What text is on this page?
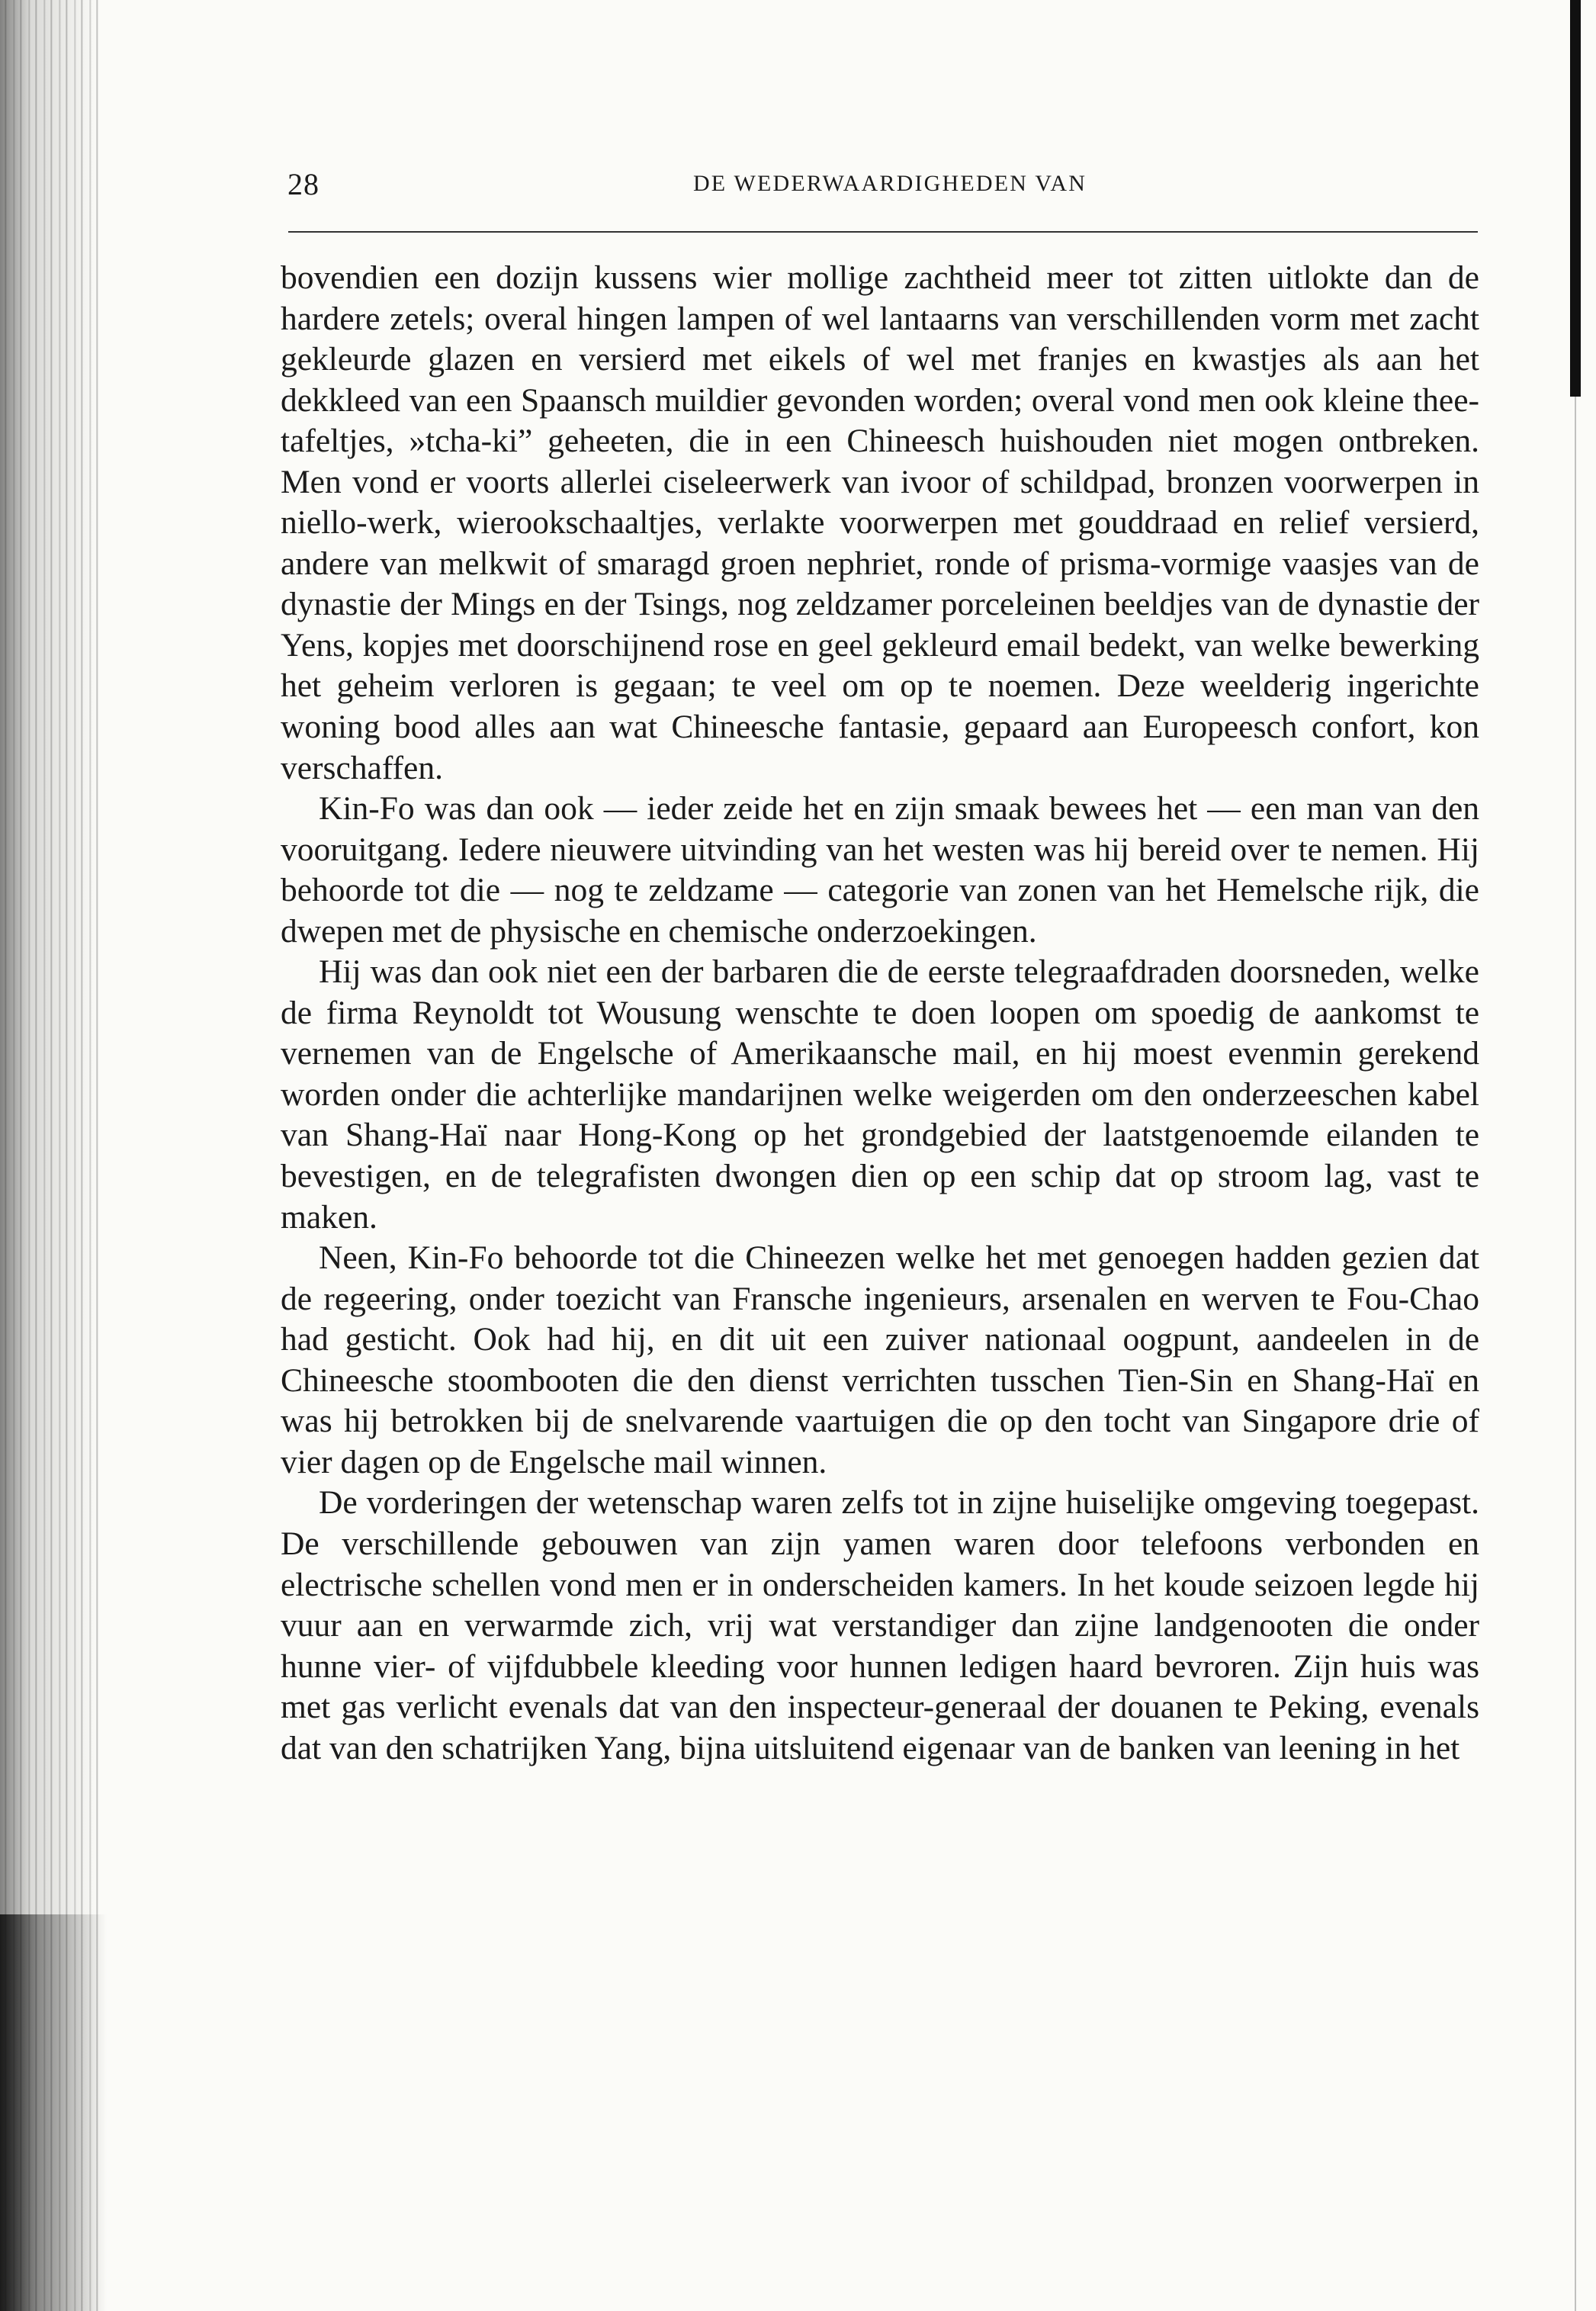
28	DE WEDERWAARDIGHEDEN VAN

bovendien een dozijn kussens wier mollige zachtheid meer tot zitten uitlokte dan de hardere zetels; overal hingen lampen of wel lantaarns van verschillenden vorm met zacht gekleurde glazen en versierd met eikels of wel met franjes en kwastjes als aan het dekkleed van een Spaansch muildier gevonden worden; overal vond men ook kleine thee-tafeltjes, »tcha-ki” geheeten, die in een Chineesch huishouden niet mogen ontbreken. Men vond er voorts allerlei ciseleerwerk van ivoor of schildpad, bronzen voorwerpen in niello-werk, wierookschaaltjes, verlakte voorwerpen met gouddraad en relief versierd, andere van melkwit of smaragd groen nephriet, ronde of prisma-vormige vaasjes van de dynastie der Mings en der Tsings, nog zeldzamer porceleinen beeldjes van de dynastie der Yens, kopjes met doorschijnend rose en geel gekleurd email bedekt, van welke bewerking het geheim verloren is gegaan; te veel om op te noemen. Deze weelderig ingerichte woning bood alles aan wat Chineesche fantasie, gepaard aan Europeesch confort, kon verschaffen.

Kin-Fo was dan ook — ieder zeide het en zijn smaak bewees het — een man van den vooruitgang. Iedere nieuwere uitvinding van het westen was hij bereid over te nemen. Hij behoorde tot die — nog te zeldzame — categorie van zonen van het Hemelsche rijk, die dwepen met de physische en chemische onderzoekingen.

Hij was dan ook niet een der barbaren die de eerste telegraafdraden doorsneden, welke de firma Reynoldt tot Wousung wenschte te doen loopen om spoedig de aankomst te vernemen van de Engelsche of Amerikaansche mail, en hij moest evenmin gerekend worden onder die achterlijke mandarijnen welke weigerden om den onderzeeschen kabel van Shang-Haï naar Hong-Kong op het grondgebied der laatstgenoemde eilanden te bevestigen, en de telegrafisten dwongen dien op een schip dat op stroom lag, vast te maken.

Neen, Kin-Fo behoorde tot die Chineezen welke het met genoegen hadden gezien dat de regeering, onder toezicht van Fransche ingenieurs, arsenalen en werven te Fou-Chao had gesticht. Ook had hij, en dit uit een zuiver nationaal oogpunt, aandeelen in de Chineesche stoombooten die den dienst verrichten tusschen Tien-Sin en Shang-Haï en was hij betrokken bij de snelvarende vaartuigen die op den tocht van Singapore drie of vier dagen op de Engelsche mail winnen.

De vorderingen der wetenschap waren zelfs tot in zijne huiselijke omgeving toegepast. De verschillende gebouwen van zijn yamen waren door telefoons verbonden en electrische schellen vond men er in onderscheiden kamers. In het koude seizoen legde hij vuur aan en verwarmde zich, vrij wat verstandiger dan zijne landgenooten die onder hunne vier- of vijfdubbele kleeding voor hunnen ledigen haard bevroren. Zijn huis was met gas verlicht evenals dat van den inspecteur-generaal der douanen te Peking, evenals dat van den schatrijken Yang, bijna uitsluitend eigenaar van de banken van leening in het
